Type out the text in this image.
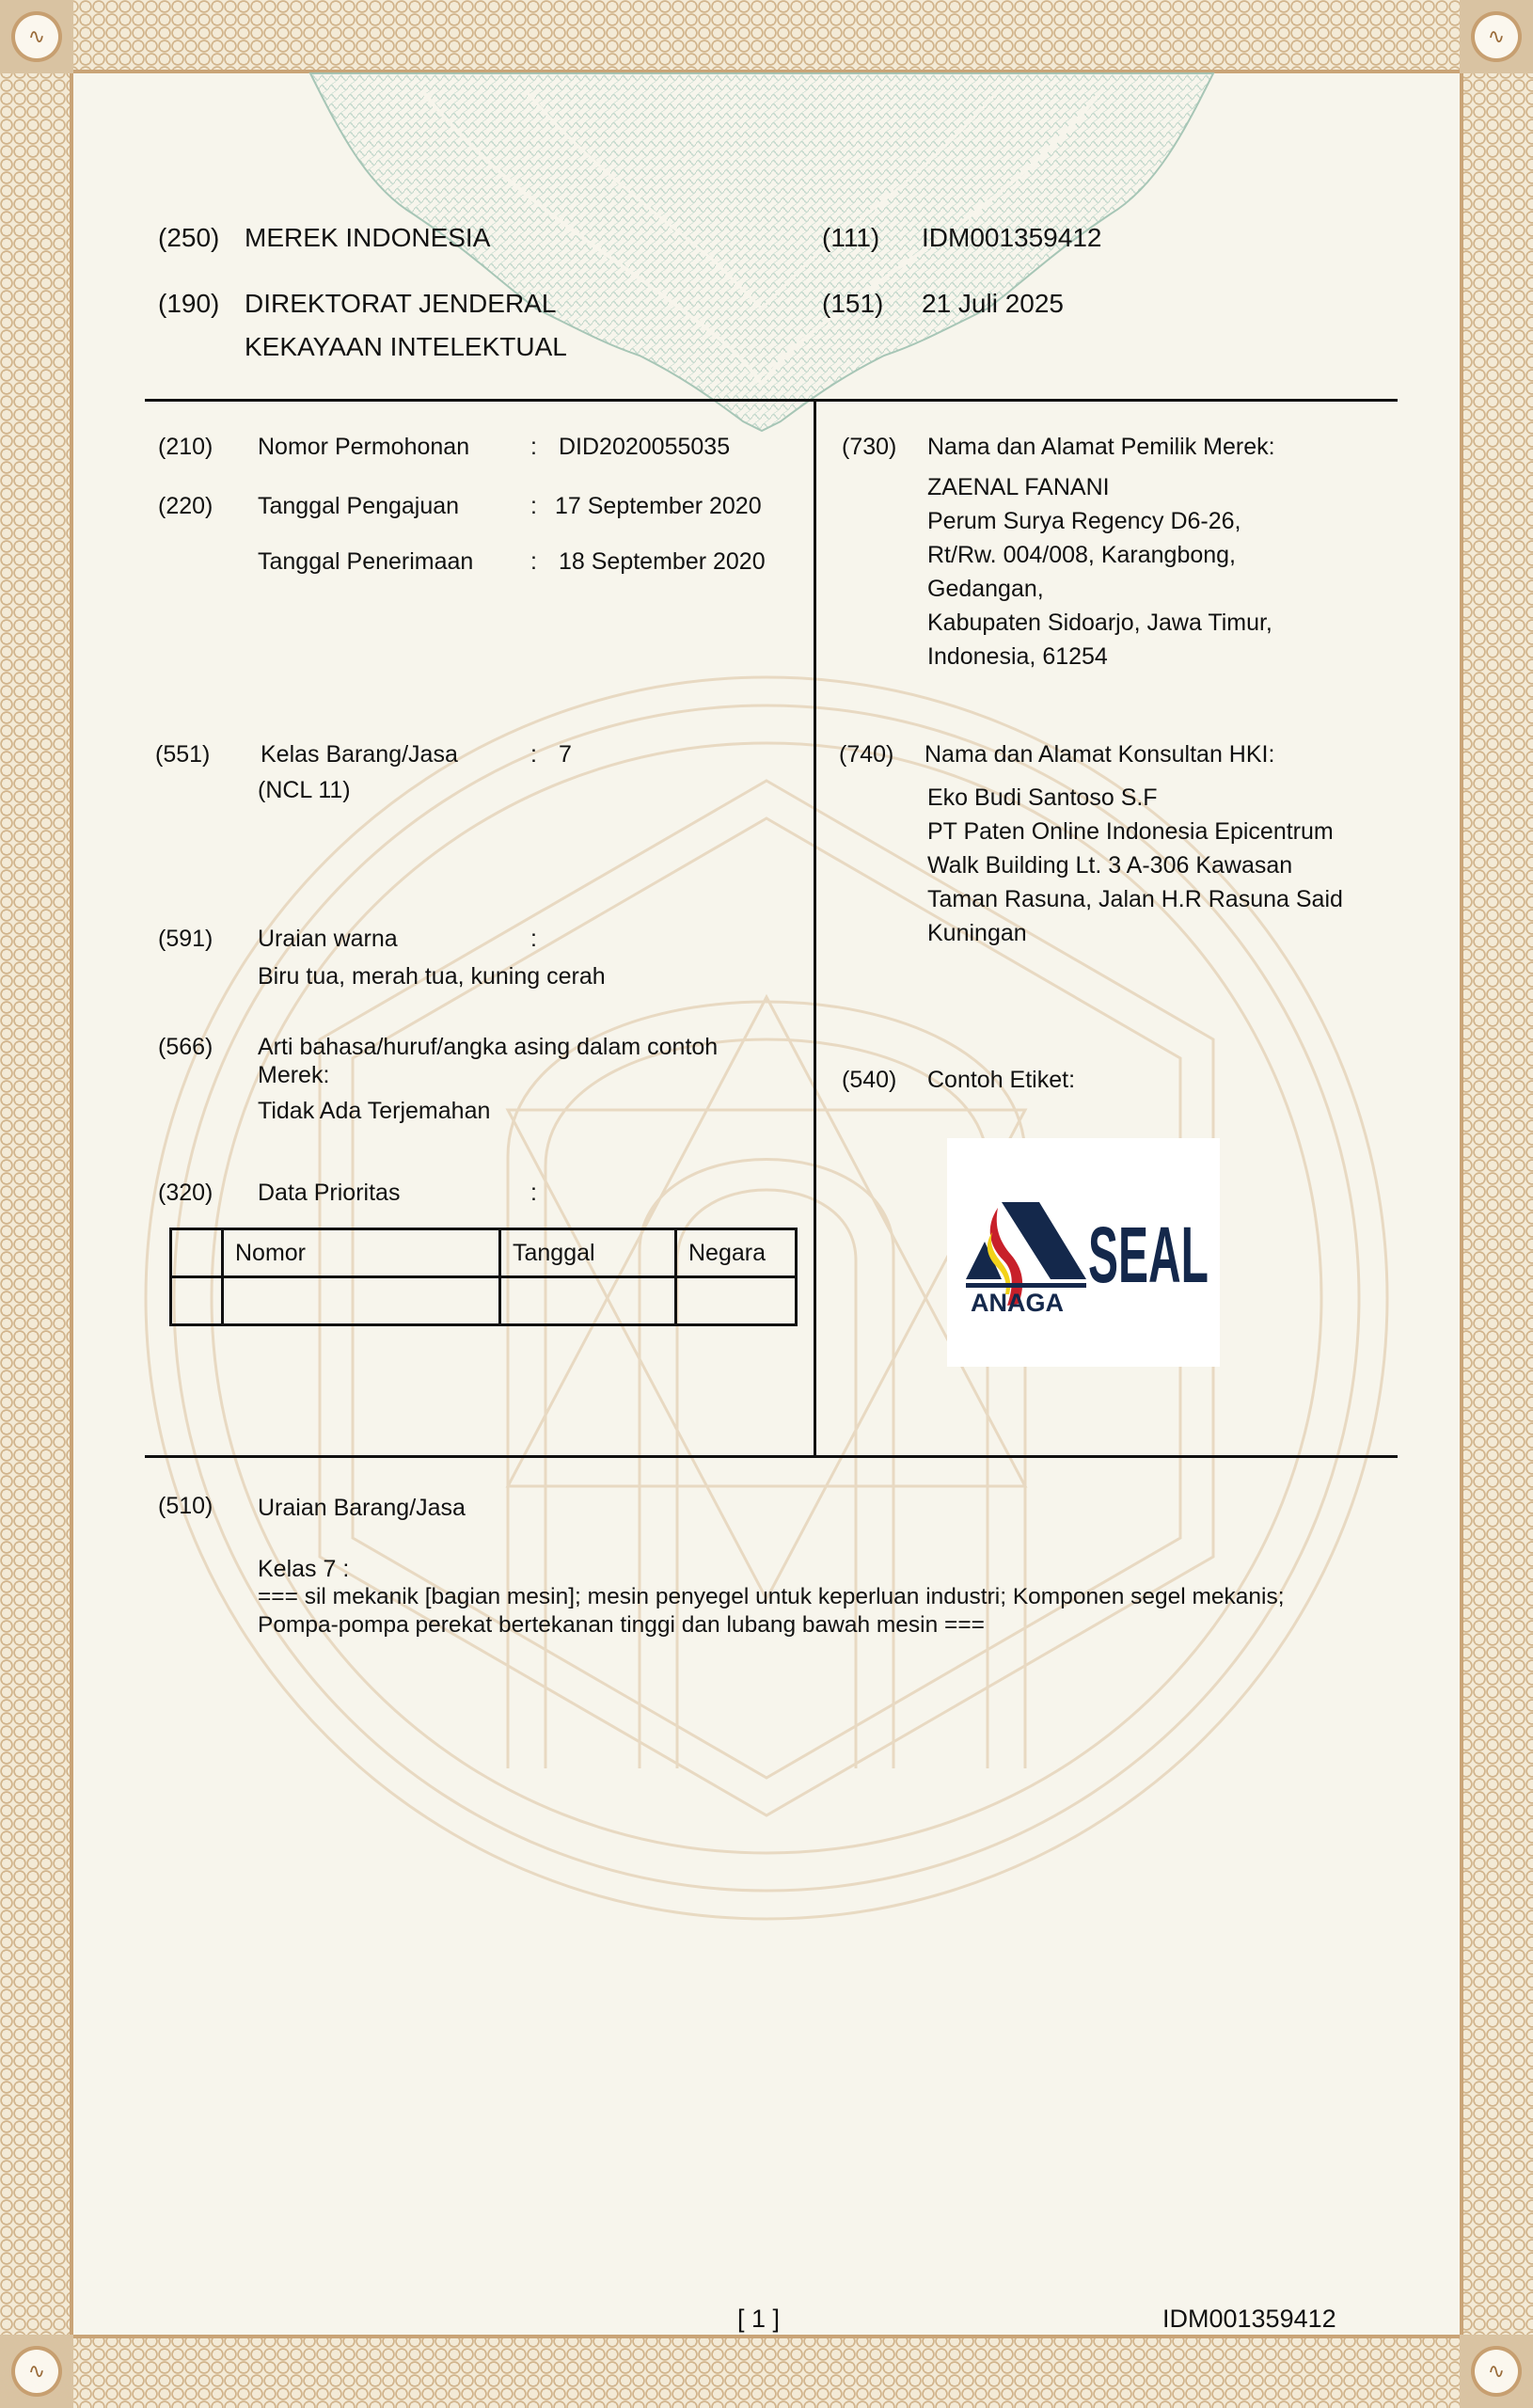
∿	∿
∿	∿
(250) MEREK INDONESIA
(190) DIREKTORAT JENDERAL
KEKAYAAN INTELEKTUAL
(111) IDM001359412
(151) 21 Juli 2025
(210) Nomor Permohonan	: DID2020055035
(220) Tanggal Pengajuan	: 17 September 2020
Tanggal Penerimaan : 18 September 2020
(730) Nama dan Alamat Pemilik Merek:
ZAENAL FANANI
Perum Surya Regency D6-26,
Rt/Rw. 004/008, Karangbong,
Gedangan,
Kabupaten Sidoarjo, Jawa Timur,
Indonesia, 61254
(551) Kelas Barang/Jasa	: 7
(NCL 11)
(740) Nama dan Alamat Konsultan HKI:
Eko Budi Santoso S.F
PT Paten Online Indonesia Epicentrum
Walk Building Lt. 3 A-306 Kawasan
Taman Rasuna, Jalan H.R Rasuna Said
Kuningan
(591) Uraian warna	:
Biru tua, merah tua, kuning cerah
(566) Arti bahasa/huruf/angka asing dalam contoh
Merek:
Tidak Ada Terjemahan
(540) Contoh Etiket:
ANAGA
SEAL
(320) Data Prioritas	:
	Nomor	Tanggal	Negara

(510) Uraian Barang/Jasa
Kelas 7 :
=== sil mekanik [bagian mesin]; mesin penyegel untuk keperluan industri; Komponen segel mekanis;
Pompa-pompa perekat bertekanan tinggi dan lubang bawah mesin ===
[ 1 ]	IDM001359412
